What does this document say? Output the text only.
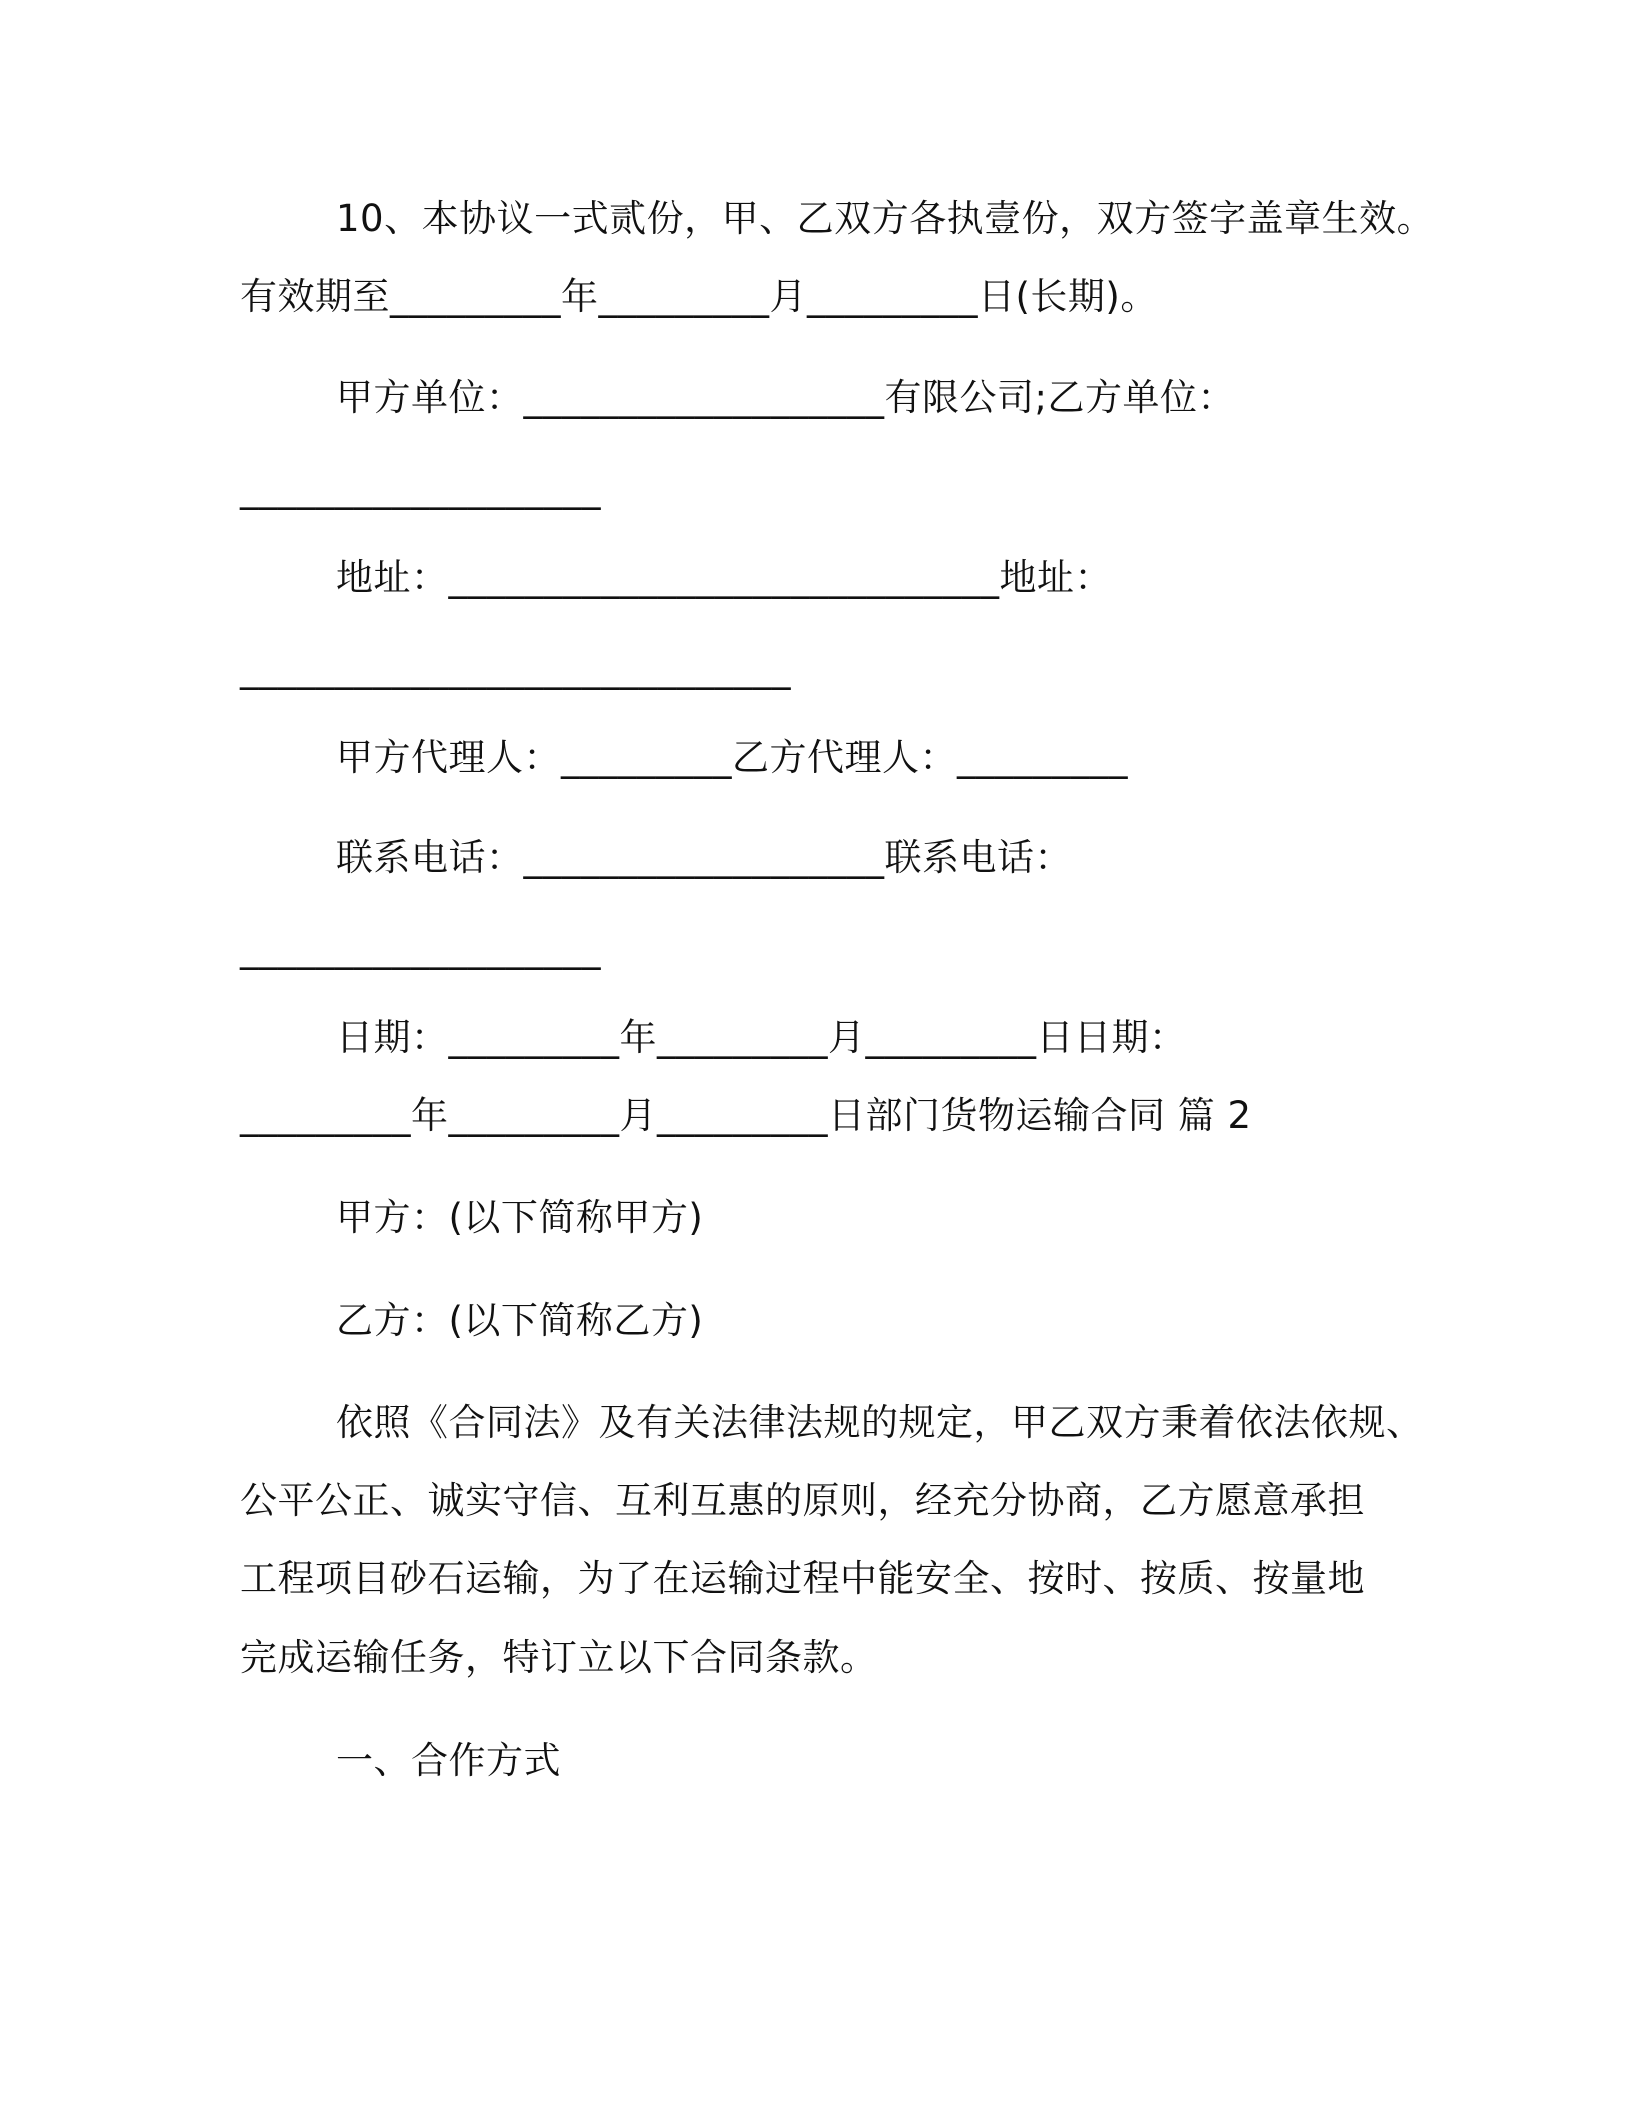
10、本协议一式贰份，甲、乙双方各执壹份，双方签字盖章生效。
有效期至_________年_________月_________日(长期)。
甲方单位：___________________有限公司;乙方单位：
___________________
地址：_____________________________地址：
_____________________________
甲方代理人：_________乙方代理人：_________
联系电话：___________________联系电话：
___________________
日期：_________年_________月_________日日期：
_________年_________月_________日部门货物运输合同 篇 2
甲方：(以下简称甲方)
乙方：(以下简称乙方)
依照《合同法》及有关法律法规的规定，甲乙双方秉着依法依规、
公平公正、诚实守信、互利互惠的原则，经充分协商，乙方愿意承担
工程项目砂石运输，为了在运输过程中能安全、按时、按质、按量地
完成运输任务，特订立以下合同条款。
一、合作方式
